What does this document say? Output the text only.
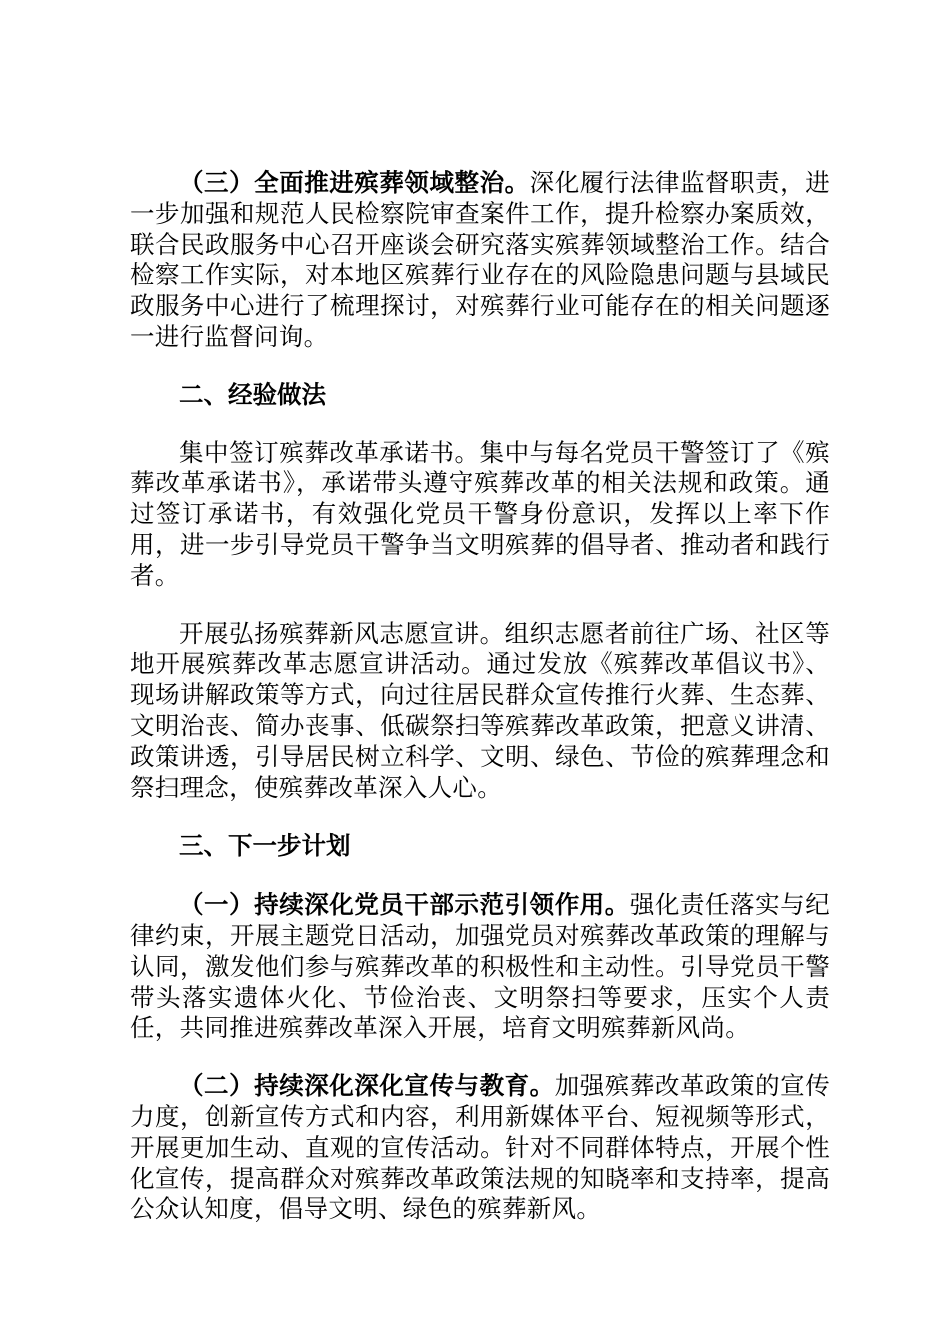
（三）全面推进殡葬领域整治。深化履行法律监督职责，进一步加强和规范人民检察院审查案件工作，提升检察办案质效，联合民政服务中心召开座谈会研究落实殡葬领域整治工作。结合检察工作实际，对本地区殡葬行业存在的风险隐患问题与县域民政服务中心进行了梳理探讨，对殡葬行业可能存在的相关问题逐一进行监督问询。

二、经验做法

集中签订殡葬改革承诺书。集中与每名党员干警签订了《殡葬改革承诺书》，承诺带头遵守殡葬改革的相关法规和政策。通过签订承诺书，有效强化党员干警身份意识，发挥以上率下作用，进一步引导党员干警争当文明殡葬的倡导者、推动者和践行者。

开展弘扬殡葬新风志愿宣讲。组织志愿者前往广场、社区等地开展殡葬改革志愿宣讲活动。通过发放《殡葬改革倡议书》、现场讲解政策等方式，向过往居民群众宣传推行火葬、生态葬、文明治丧、简办丧事、低碳祭扫等殡葬改革政策，把意义讲清、政策讲透，引导居民树立科学、文明、绿色、节俭的殡葬理念和祭扫理念，使殡葬改革深入人心。

三、下一步计划

（一）持续深化党员干部示范引领作用。强化责任落实与纪律约束，开展主题党日活动，加强党员对殡葬改革政策的理解与认同，激发他们参与殡葬改革的积极性和主动性。引导党员干警带头落实遗体火化、节俭治丧、文明祭扫等要求，压实个人责任，共同推进殡葬改革深入开展，培育文明殡葬新风尚。

（二）持续深化深化宣传与教育。加强殡葬改革政策的宣传力度，创新宣传方式和内容，利用新媒体平台、短视频等形式，开展更加生动、直观的宣传活动。针对不同群体特点，开展个性化宣传，提高群众对殡葬改革政策法规的知晓率和支持率，提高公众认知度，倡导文明、绿色的殡葬新风。
